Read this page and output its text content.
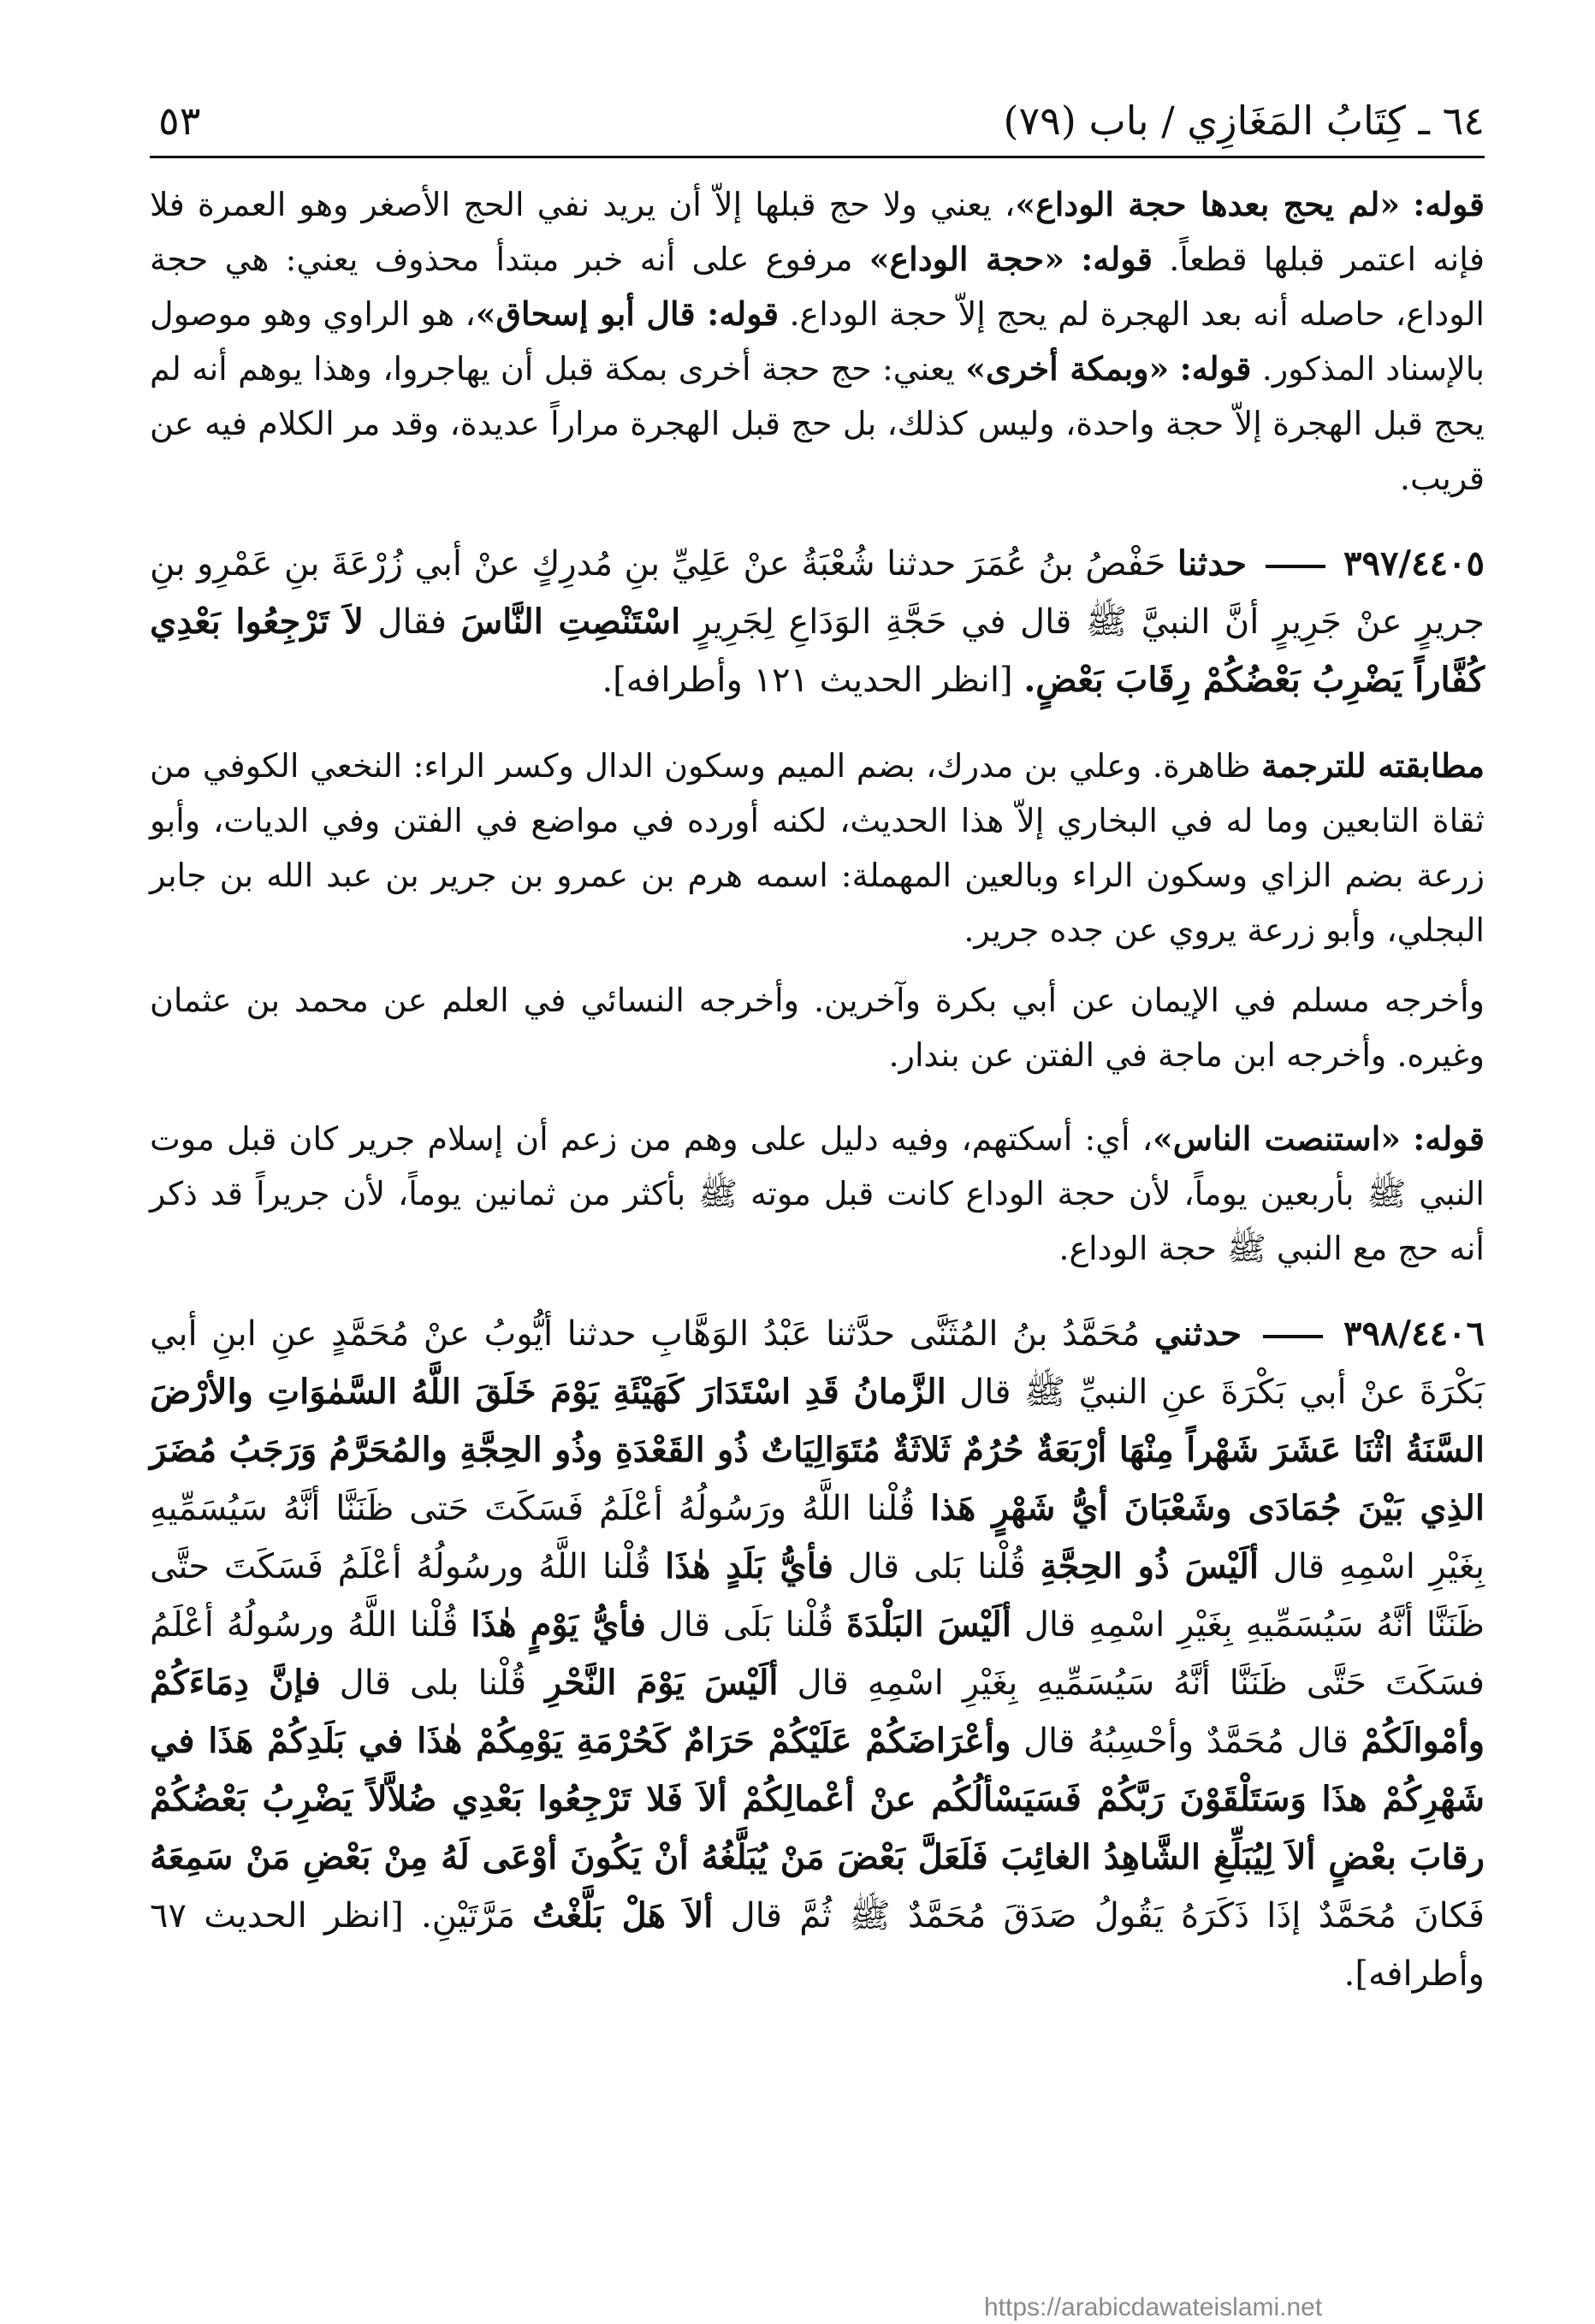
٦٤ ـ كِتَابُ المَغَازِي / باب (٧٩)
٥٣

قوله: «لم يحج بعدها حجة الوداع»، يعني ولا حج قبلها إلاّ أن يريد نفي الحج الأصغر وهو العمرة فلا فإنه اعتمر قبلها قطعاً. قوله: «حجة الوداع» مرفوع على أنه خبر مبتدأ محذوف يعني: هي حجة الوداع، حاصله أنه بعد الهجرة لم يحج إلاّ حجة الوداع. قوله: قال أبو إسحاق»، هو الراوي وهو موصول بالإسناد المذكور. قوله: «وبمكة أخرى» يعني: حج حجة أخرى بمكة قبل أن يهاجروا، وهذا يوهم أنه لم يحج قبل الهجرة إلاّ حجة واحدة، وليس كذلك، بل حج قبل الهجرة مراراً عديدة، وقد مر الكلام فيه عن قريب.

٣٩٧/٤٤٠٥  حدثنا حَفْصُ بنُ عُمَرَ حدثنا شُعْبَةُ عنْ عَلِيِّ بنِ مُدرِكٍ عنْ أبي زُرْعَةَ بنِ عَمْرِو بنِ جريرٍ عنْ جَرِيرٍ أنَّ النبيَّ ﷺ قال في حَجَّةِ الوَدَاعِ لِجَرِيرٍ اسْتَنْصِتِ النَّاسَ فقال لاَ تَرْجِعُوا بَعْدِي كُفَّاراً يَضْرِبُ بَعْضُكُمْ رِقَابَ بَعْضٍ. [انظر الحديث ١٢١ وأطرافه].

مطابقته للترجمة ظاهرة. وعلي بن مدرك، بضم الميم وسكون الدال وكسر الراء: النخعي الكوفي من ثقاة التابعين وما له في البخاري إلاّ هذا الحديث، لكنه أورده في مواضع في الفتن وفي الديات، وأبو زرعة بضم الزاي وسكون الراء وبالعين المهملة: اسمه هرم بن عمرو بن جرير بن عبد الله بن جابر البجلي، وأبو زرعة يروي عن جده جرير.

وأخرجه مسلم في الإيمان عن أبي بكرة وآخرين. وأخرجه النسائي في العلم عن محمد بن عثمان وغيره. وأخرجه ابن ماجة في الفتن عن بندار.

قوله: «استنصت الناس»، أي: أسكتهم، وفيه دليل على وهم من زعم أن إسلام جرير كان قبل موت النبي ﷺ بأربعين يوماً، لأن حجة الوداع كانت قبل موته ﷺ بأكثر من ثمانين يوماً، لأن جريراً قد ذكر أنه حج مع النبي ﷺ حجة الوداع.

٣٩٨/٤٤٠٦  حدثني مُحَمَّدُ بنُ المُثَنَّى حدَّثنا عَبْدُ الوَهَّابِ حدثنا أيُّوبُ عنْ مُحَمَّدٍ عنِ ابنِ أبي بَكْرَةَ عنْ أبي بَكْرَةَ عنِ النبيِّ ﷺ قال الزَّمانُ قَدِ اسْتَدَارَ كَهَيْئَةِ يَوْمَ خَلَقَ اللَّهُ السَّمٰوَاتِ والأرْضَ السَّنَةُ اثْنَا عَشَرَ شَهْراً مِنْهَا أرْبَعَةٌ حُرُمٌ ثَلاثَةٌ مُتَوَالِيَاتٌ ذُو القَعْدَةِ وذُو الحِجَّةِ والمُحَرَّمُ وَرَجَبُ مُضَرَ الذِي بَيْنَ جُمَادَى وشَعْبَانَ أيُّ شَهْرٍ هَذا قُلْنا اللَّهُ ورَسُولُهُ أعْلَمُ فَسَكَتَ حَتى ظَنَنَّا أنَّهُ سَيُسَمِّيهِ بِغَيْرِ اسْمِهِ قال ألَيْسَ ذُو الحِجَّةِ قُلْنا بَلى قال فأيُّ بَلَدٍ هٰذَا قُلْنا اللَّهُ ورسُولُهُ أعْلَمُ فَسَكَتَ حتَّى ظَنَنَّا أنَّهُ سَيُسَمِّيهِ بِغَيْرِ اسْمِهِ قال ألَيْسَ البَلْدَةَ قُلْنا بَلَى قال فأيُّ يَوْمٍ هٰذَا قُلْنا اللَّهُ ورسُولُهُ أعْلَمُ فسَكَتَ حَتَّى ظَنَنَّا أنَّهُ سَيُسَمِّيهِ بِغَيْرِ اسْمِهِ قال ألَيْسَ يَوْمَ النَّحْرِ قُلْنا بلى قال فإنَّ دِمَاءَكُمْ وأمْوالَكُمْ قال مُحَمَّدٌ وأحْسِبُهُ قال وأعْرَاضَكُمْ عَلَيْكُمْ حَرَامٌ كَحُرْمَةِ يَوْمِكُمْ هٰذَا في بَلَدِكُمْ هَذَا في شَهْرِكُمْ هذَا وَسَتَلْقَوْنَ رَبَّكُمْ فَسَيَسْألُكُم عنْ أعْمالِكُمْ ألاَ فَلا تَرْجِعُوا بَعْدِي ضُلاَّلاً يَضْرِبُ بَعْضُكُمْ رقابَ بعْضٍ ألاَ لِيُبَلِّغِ الشَّاهِدُ الغائِبَ فَلَعَلَّ بَعْضَ مَنْ يُبَلَّغُهُ أنْ يَكُونَ أوْعَى لَهُ مِنْ بَعْضِ مَنْ سَمِعَهُ فَكانَ مُحَمَّدٌ إذَا ذَكَرَهُ يَقُولُ صَدَقَ مُحَمَّدٌ ﷺ ثُمَّ قال ألاَ هَلْ بَلَّغْتُ مَرَّتَيْنِ. [انظر الحديث ٦٧ وأطرافه].

https://arabicdawateislami.net
